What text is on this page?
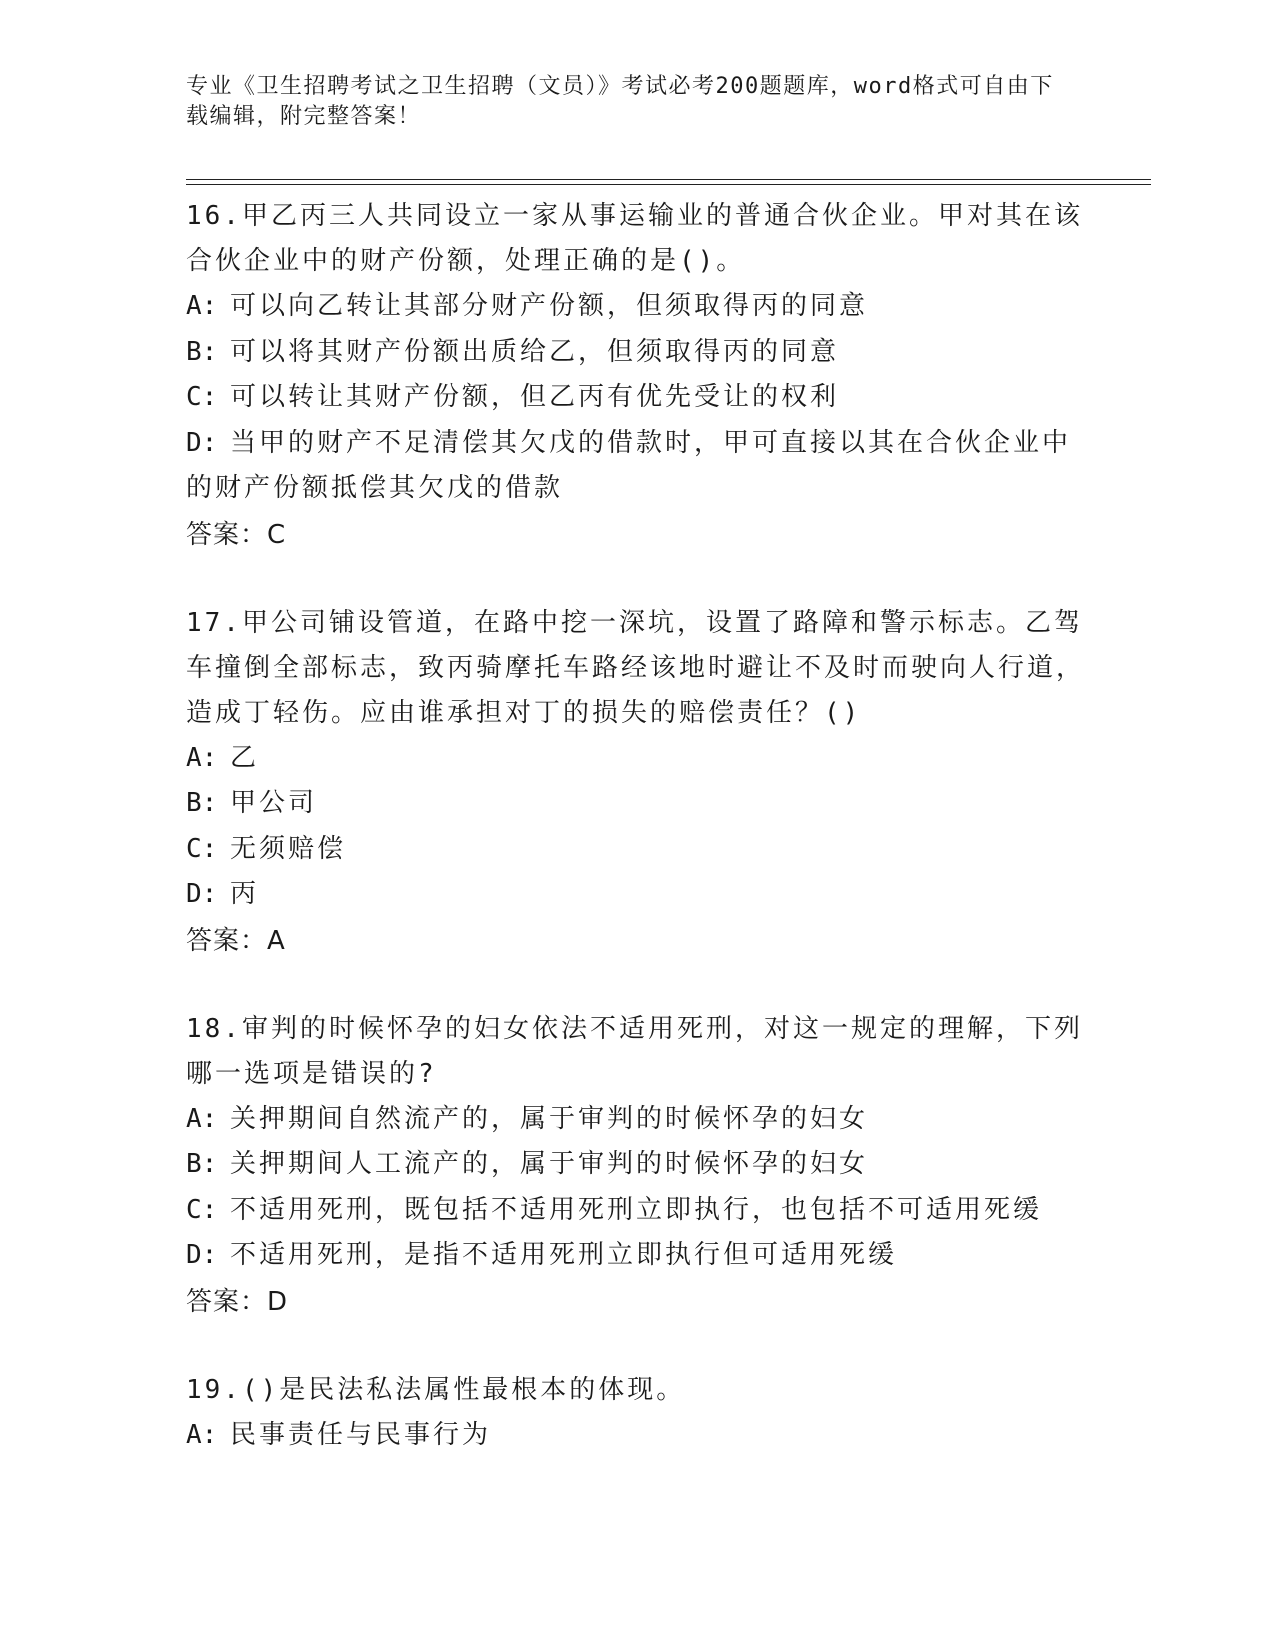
专业《卫生招聘考试之卫生招聘（文员）》考试必考200题题库，word格式可自由下载编辑，附完整答案！
16.甲乙丙三人共同设立一家从事运输业的普通合伙企业。甲对其在该合伙企业中的财产份额，处理正确的是()。
A: 可以向乙转让其部分财产份额，但须取得丙的同意
B: 可以将其财产份额出质给乙，但须取得丙的同意
C: 可以转让其财产份额，但乙丙有优先受让的权利
D: 当甲的财产不足清偿其欠戊的借款时，甲可直接以其在合伙企业中的财产份额抵偿其欠戊的借款
答案：C
17.甲公司铺设管道，在路中挖一深坑，设置了路障和警示标志。乙驾车撞倒全部标志，致丙骑摩托车路经该地时避让不及时而驶向人行道，造成丁轻伤。应由谁承担对丁的损失的赔偿责任？()
A: 乙
B: 甲公司
C: 无须赔偿
D: 丙
答案：A
18.审判的时候怀孕的妇女依法不适用死刑，对这一规定的理解，下列哪一选项是错误的?
A: 关押期间自然流产的，属于审判的时候怀孕的妇女
B: 关押期间人工流产的，属于审判的时候怀孕的妇女
C: 不适用死刑，既包括不适用死刑立即执行，也包括不可适用死缓
D: 不适用死刑，是指不适用死刑立即执行但可适用死缓
答案：D
19.()是民法私法属性最根本的体现。
A: 民事责任与民事行为
